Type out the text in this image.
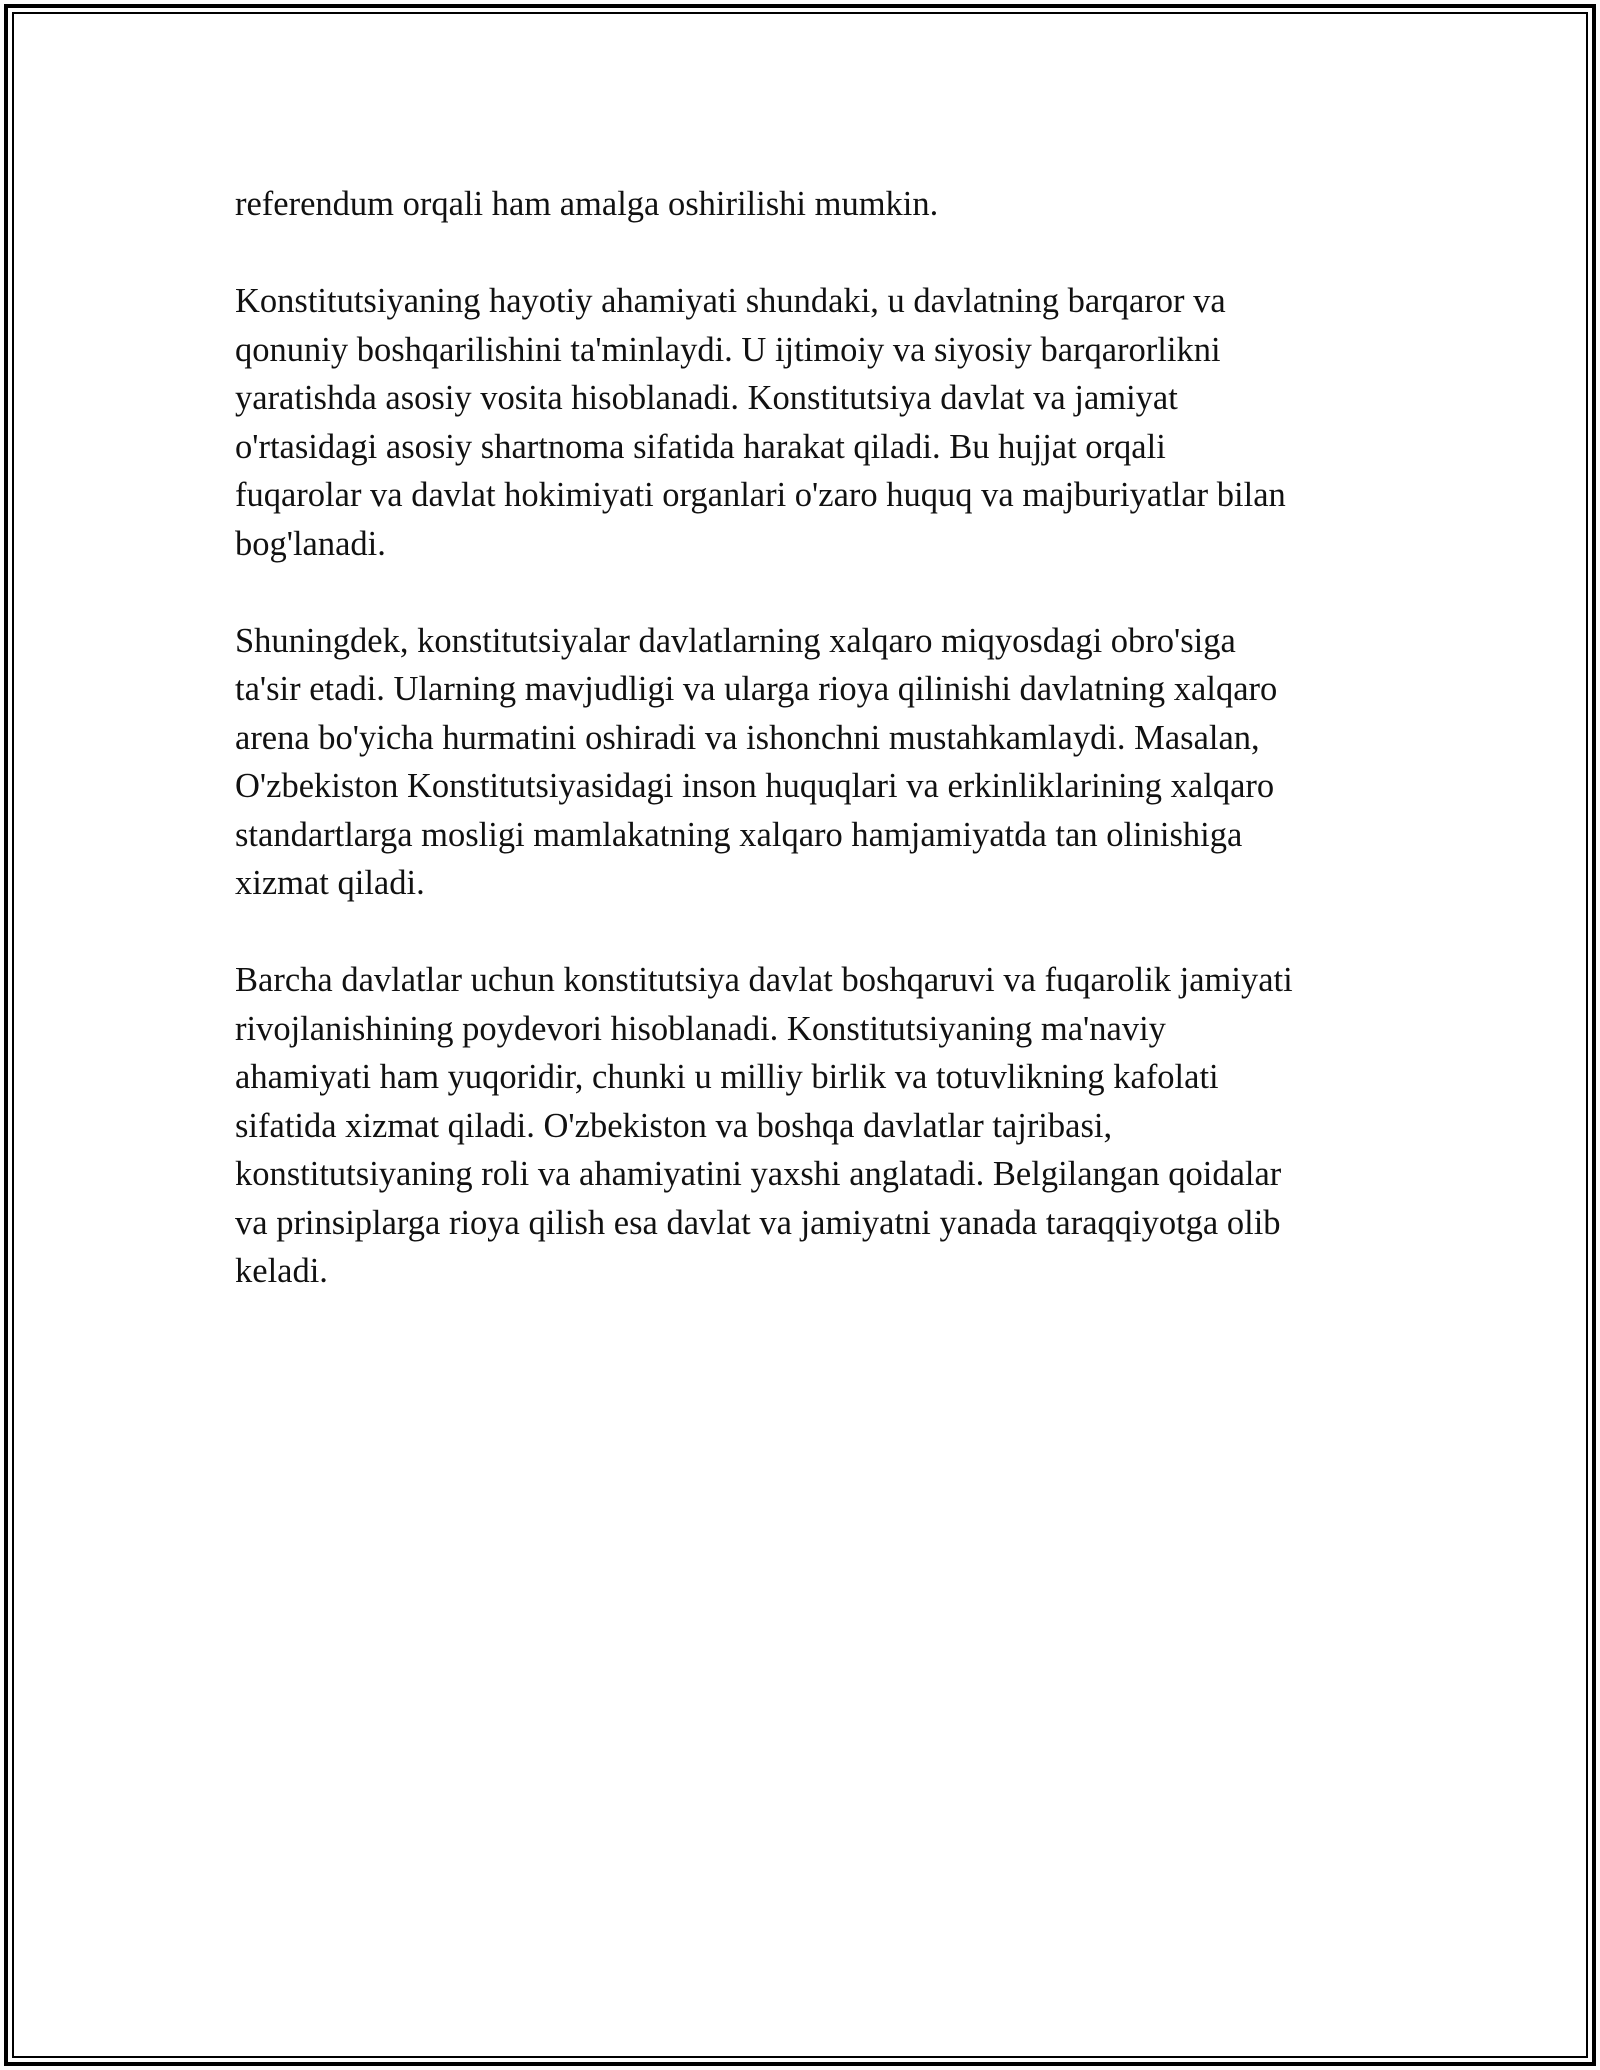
referendum orqali ham amalga oshirilishi mumkin.

Konstitutsiyaning hayotiy ahamiyati shundaki, u davlatning barqaror va
qonuniy boshqarilishini ta'minlaydi. U ijtimoiy va siyosiy barqarorlikni
yaratishda asosiy vosita hisoblanadi. Konstitutsiya davlat va jamiyat
o'rtasidagi asosiy shartnoma sifatida harakat qiladi. Bu hujjat orqali
fuqarolar va davlat hokimiyati organlari o'zaro huquq va majburiyatlar bilan
bog'lanadi.

Shuningdek, konstitutsiyalar davlatlarning xalqaro miqyosdagi obro'siga
ta'sir etadi. Ularning mavjudligi va ularga rioya qilinishi davlatning xalqaro
arena bo'yicha hurmatini oshiradi va ishonchni mustahkamlaydi. Masalan,
O'zbekiston Konstitutsiyasidagi inson huquqlari va erkinliklarining xalqaro
standartlarga mosligi mamlakatning xalqaro hamjamiyatda tan olinishiga
xizmat qiladi.

Barcha davlatlar uchun konstitutsiya davlat boshqaruvi va fuqarolik jamiyati
rivojlanishining poydevori hisoblanadi. Konstitutsiyaning ma'naviy
ahamiyati ham yuqoridir, chunki u milliy birlik va totuvlikning kafolati
sifatida xizmat qiladi. O'zbekiston va boshqa davlatlar tajribasi,
konstitutsiyaning roli va ahamiyatini yaxshi anglatadi. Belgilangan qoidalar
va prinsiplarga rioya qilish esa davlat va jamiyatni yanada taraqqiyotga olib
keladi.
